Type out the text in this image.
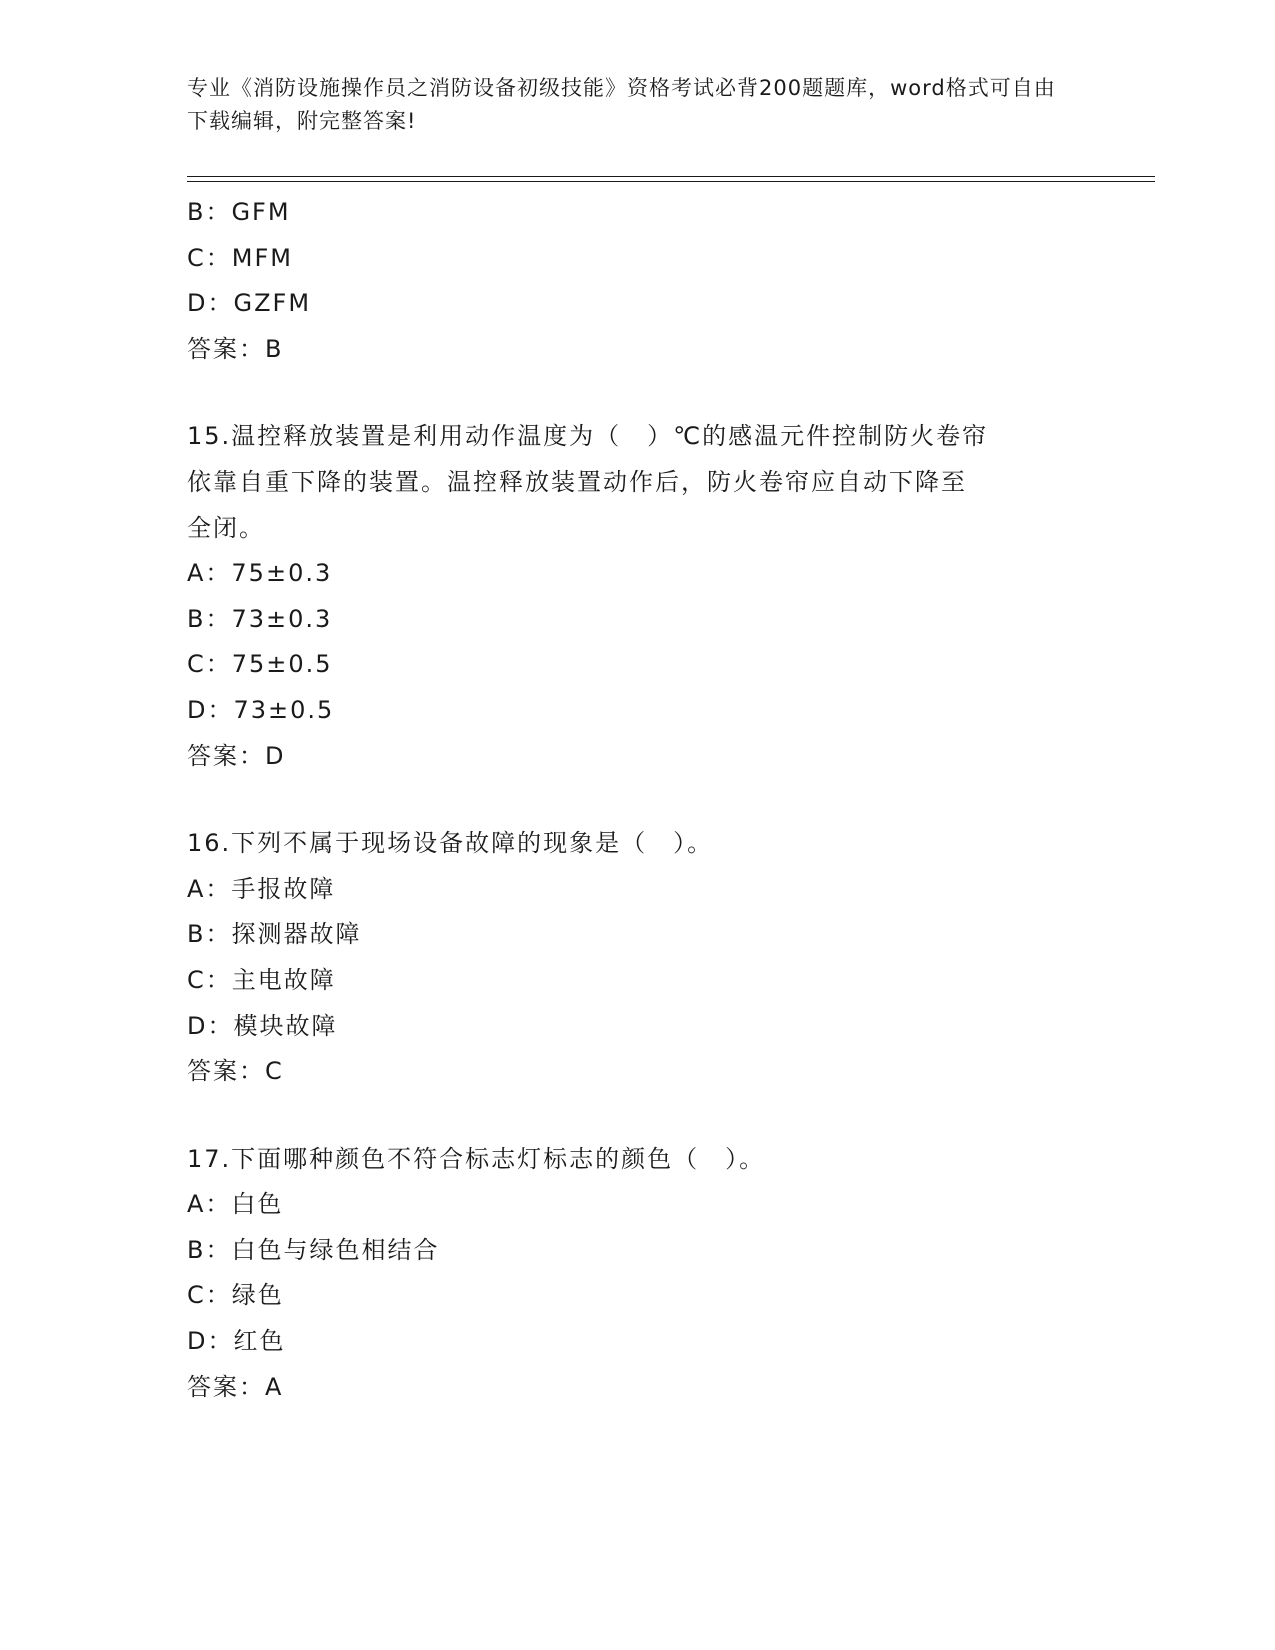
专业《消防设施操作员之消防设备初级技能》资格考试必背200题题库，word格式可自由下载编辑，附完整答案!
B：GFM
C：MFM
D：GZFM
答案：B
15.温控释放装置是利用动作温度为（　）℃的感温元件控制防火卷帘
依靠自重下降的装置。温控释放装置动作后，防火卷帘应自动下降至
全闭。
A：75±0.3
B：73±0.3
C：75±0.5
D：73±0.5
答案：D
16.下列不属于现场设备故障的现象是（　）。
A：手报故障
B：探测器故障
C：主电故障
D：模块故障
答案：C
17.下面哪种颜色不符合标志灯标志的颜色（　）。
A：白色
B：白色与绿色相结合
C：绿色
D：红色
答案：A
